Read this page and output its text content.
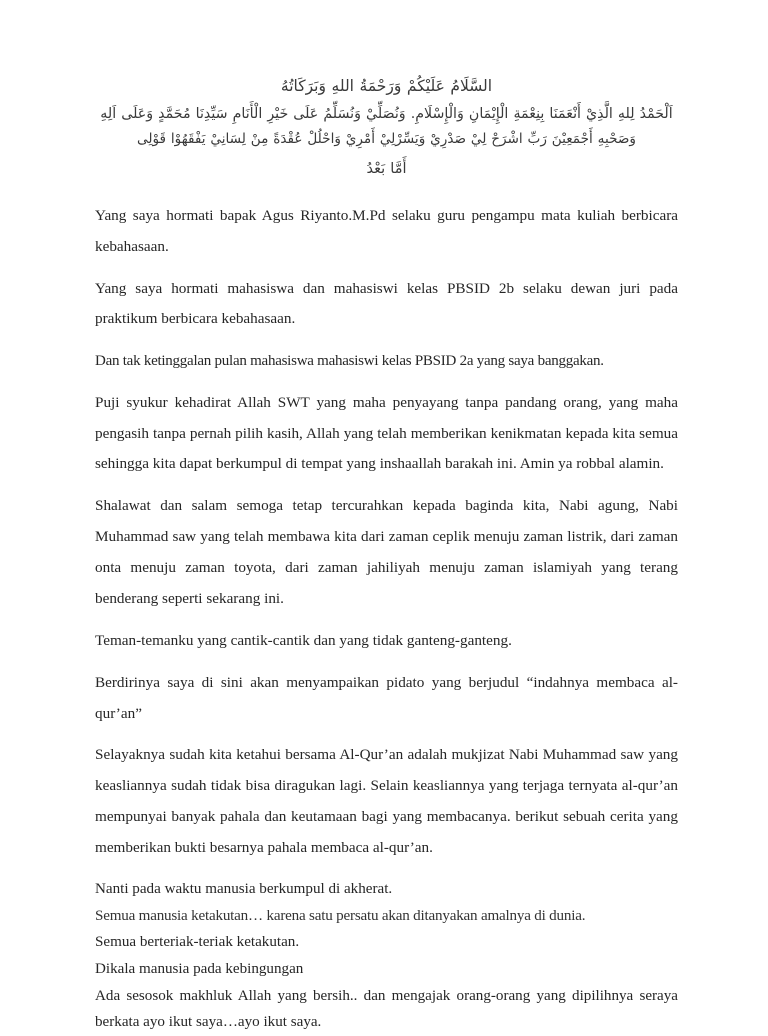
السَّلَامُ عَلَيْكُمْ وَرَحْمَةُ اللهِ وَبَرَكَاتُهُ
اَلْحَمْدُ لِلهِ الَّذِيْ أَنْعَمَنَا بِنِعْمَةِ الْإِيْمَانِ وَالْإِسْلَامِ. وَنُصَلِّيْ وَنُسَلِّمُ عَلَى خَيْرِ الْأَنَامِ سَيِّدِنَا مُحَمَّدٍ وَعَلَى اَلِهِ
وَصَحْبِهِ أَجْمَعِيْنَ رَبِّ اشْرَحْ لِيْ صَدْرِيْ وَيَسِّرْلِيْ أَمْرِيْ وَاحْلُلْ عُقْدَةً مِنْ لِسَانِيْ يَفْقَهُوْا قَوْلِى
أَمَّا بَعْدُ

Yang saya hormati bapak Agus Riyanto.M.Pd selaku guru pengampu mata kuliah berbicara kebahasaan.

Yang saya hormati mahasiswa dan mahasiswi kelas PBSID 2b selaku dewan juri pada praktikum berbicara kebahasaan.

Dan tak ketinggalan pulan mahasiswa mahasiswi kelas PBSID 2a yang saya banggakan.

Puji syukur kehadirat Allah SWT yang maha penyayang tanpa pandang orang, yang maha pengasih tanpa pernah pilih kasih, Allah yang telah memberikan kenikmatan kepada kita semua sehingga kita dapat berkumpul di tempat yang inshaallah barakah ini. Amin ya robbal alamin.

Shalawat dan salam semoga tetap tercurahkan kepada baginda kita, Nabi agung, Nabi Muhammad saw yang telah membawa kita dari zaman ceplik menuju zaman listrik, dari zaman onta menuju zaman toyota, dari zaman jahiliyah menuju zaman islamiyah yang terang benderang seperti sekarang ini.

Teman-temanku yang cantik-cantik dan yang tidak ganteng-ganteng.

Berdirinya saya di sini akan menyampaikan pidato yang berjudul “indahnya membaca al-qur’an”

Selayaknya sudah kita ketahui bersama Al-Qur’an adalah mukjizat Nabi Muhammad saw yang keasliannya sudah tidak bisa diragukan lagi. Selain keasliannya yang terjaga ternyata al-qur’an mempunyai banyak pahala dan keutamaan bagi yang membacanya. berikut sebuah cerita yang memberikan bukti besarnya pahala membaca al-qur’an.

Nanti pada waktu manusia berkumpul di akherat.

Semua manusia ketakutan… karena satu persatu akan ditanyakan amalnya di dunia.

Semua berteriak-teriak ketakutan.

Dikala manusia pada kebingungan

Ada sesosok makhluk Allah yang bersih.. dan mengajak orang-orang yang dipilihnya seraya berkata ayo ikut saya…ayo ikut saya.
